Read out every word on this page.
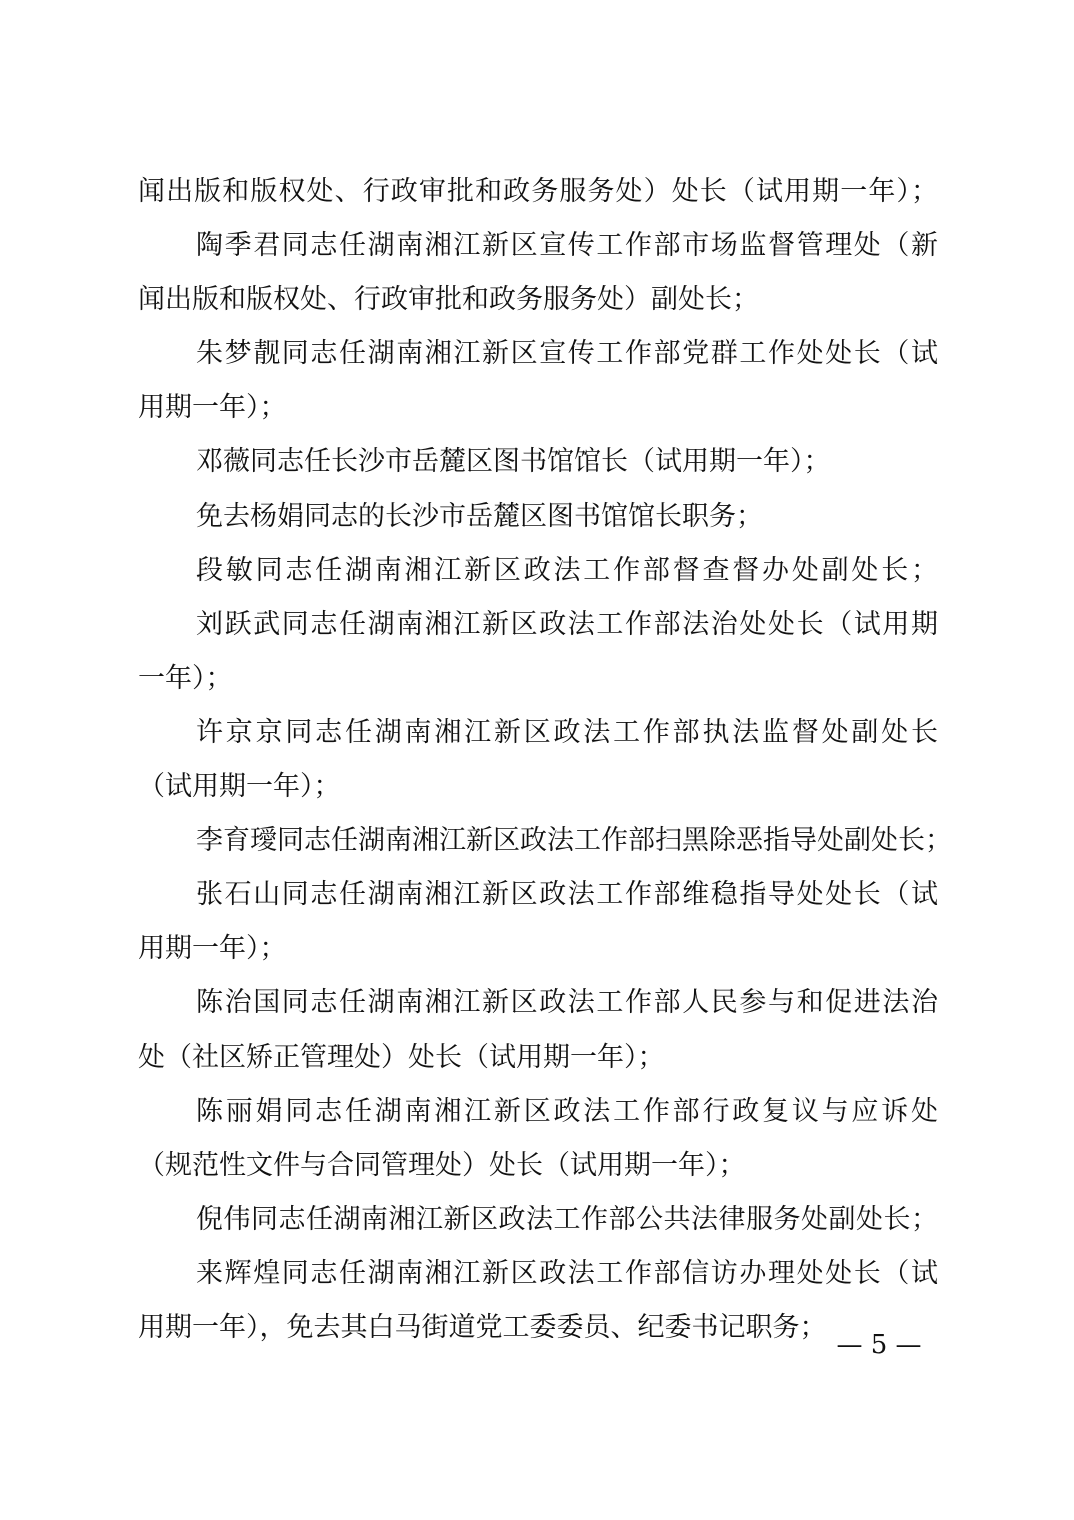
闻出版和版权处、行政审批和政务服务处）处长（试用期一年）；
陶季君同志任湖南湘江新区宣传工作部市场监督管理处（新
闻出版和版权处、行政审批和政务服务处）副处长；
朱梦靓同志任湖南湘江新区宣传工作部党群工作处处长（试
用期一年）；
邓薇同志任长沙市岳麓区图书馆馆长（试用期一年）；
免去杨娟同志的长沙市岳麓区图书馆馆长职务；
段敏同志任湖南湘江新区政法工作部督查督办处副处长；
刘跃武同志任湖南湘江新区政法工作部法治处处长（试用期
一年）；
许京京同志任湖南湘江新区政法工作部执法监督处副处长
（试用期一年）；
李育璦同志任湖南湘江新区政法工作部扫黑除恶指导处副处长；
张石山同志任湖南湘江新区政法工作部维稳指导处处长（试
用期一年）；
陈治国同志任湖南湘江新区政法工作部人民参与和促进法治
处（社区矫正管理处）处长（试用期一年）；
陈丽娟同志任湖南湘江新区政法工作部行政复议与应诉处
（规范性文件与合同管理处）处长（试用期一年）；
倪伟同志任湖南湘江新区政法工作部公共法律服务处副处长；
来辉煌同志任湖南湘江新区政法工作部信访办理处处长（试
用期一年），免去其白马街道党工委委员、纪委书记职务；
— 5 —
